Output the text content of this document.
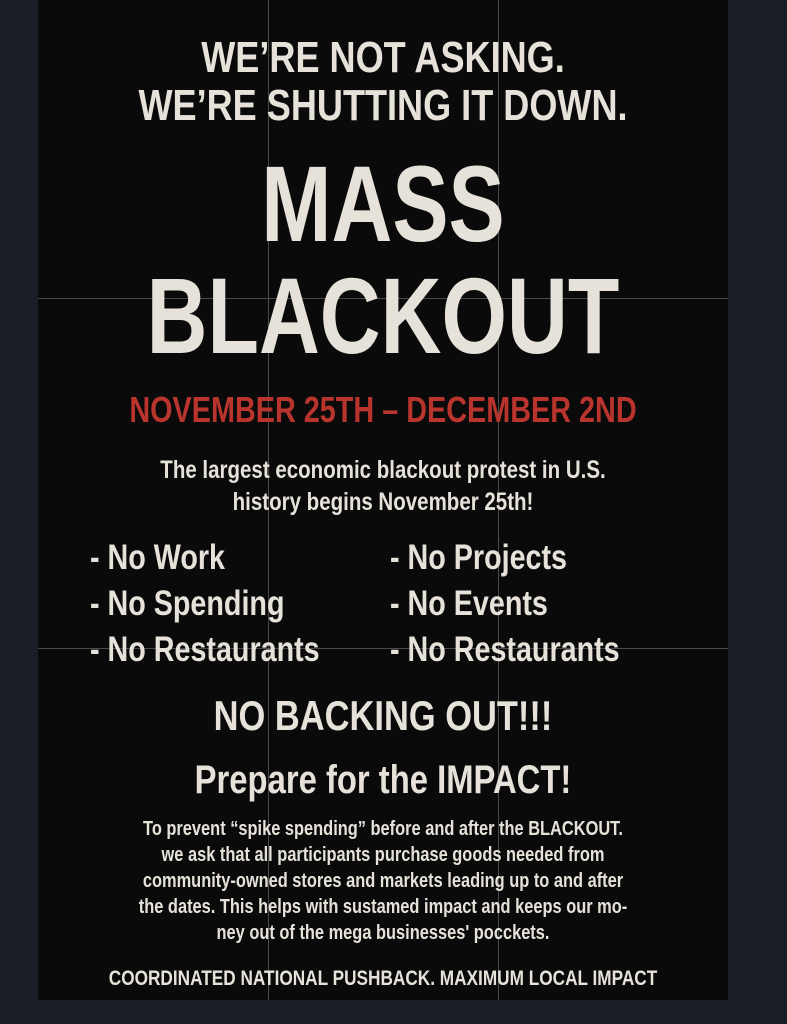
WE’RE NOT ASKING.
WE’RE SHUTTING IT DOWN.
MASS
BLACKOUT
NOVEMBER 25TH – DECEMBER 2ND
The largest economic blackout protest in U.S.
history begins November 25th!
- No Work	- No Projects
- No Spending	- No Events
- No Restaurants	- No Restaurants
NO BACKING OUT!!!
Prepare for the IMPACT!
To prevent “spike spending” before and after the BLACKOUT.
we ask that all participants purchase goods needed from
community-owned stores and markets leading up to and after
the dates. This helps with sustamed impact and keeps our mo-
ney out of the mega businesses' pocckets.
COORDINATED NATIONAL PUSHBACK. MAXIMUM LOCAL IMPACT
